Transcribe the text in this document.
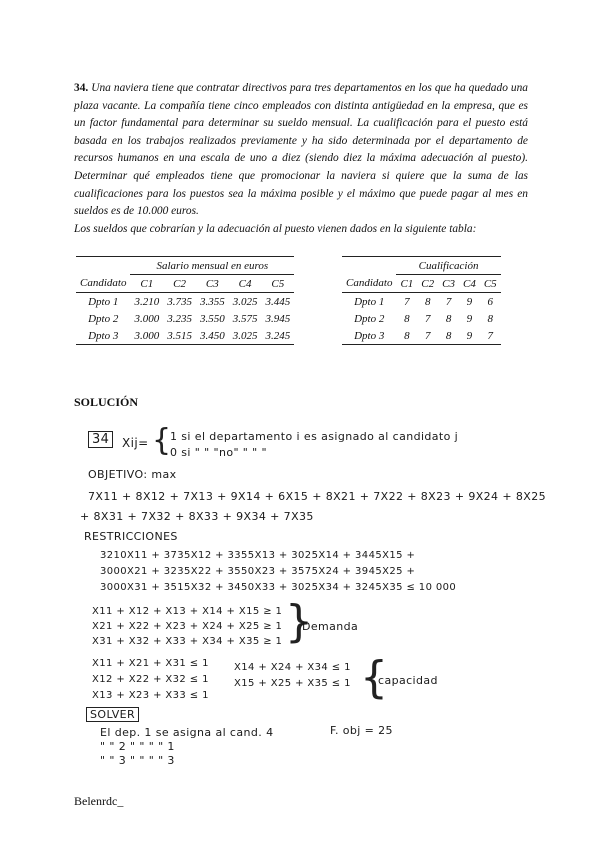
34. Una naviera tiene que contratar directivos para tres departamentos en los que ha quedado una plaza vacante. La compañía tiene cinco empleados con distinta antigüedad en la empresa, que es un factor fundamental para determinar su sueldo mensual. La cualificación para el puesto está basada en los trabajos realizados previamente y ha sido determinada por el departamento de recursos humanos en una escala de uno a diez (siendo diez la máxima adecuación al puesto). Determinar qué empleados tiene que promocionar la naviera si quiere que la suma de las cualificaciones para los puestos sea la máxima posible y el máximo que puede pagar al mes en sueldos es de 10.000 euros.
Los sueldos que cobrarían y la adecuación al puesto vienen dados en la siguiente tabla:
	Salario mensual en euros				
Candidato	C1	C2	C3	C4	C5
Dpto 1	3.210	3.735	3.355	3.025	3.445
Dpto 2	3.000	3.235	3.550	3.575	3.945
Dpto 3	3.000	3.515	3.450	3.025	3.245
	Cualificación				
Candidato	C1	C2	C3	C4	C5
Dpto 1	7	8	7	9	6
Dpto 2	8	7	8	9	8
Dpto 3	8	7	8	9	7
SOLUCIÓN
34	Xij= {
1 si el departamento i es asignado al candidato j
0 si " " "no" " " "
OBJETIVO: max
7X11 + 8X12 + 7X13 + 9X14 + 6X15 + 8X21 + 7X22 + 8X23 + 9X24 + 8X25
+ 8X31 + 7X32 + 8X33 + 9X34 + 7X35
RESTRICCIONES
3210X11 + 3735X12 + 3355X13 + 3025X14 + 3445X15 +
3000X21 + 3235X22 + 3550X23 + 3575X24 + 3945X25 +
3000X31 + 3515X32 + 3450X33 + 3025X34 + 3245X35 ≤ 10 000
X11 + X12 + X13 + X14 + X15 ≥ 1
X21 + X22 + X23 + X24 + X25 ≥ 1
X31 + X32 + X33 + X34 + X35 ≥ 1 }
Demanda
X11 + X21 + X31 ≤ 1
X12 + X22 + X32 ≤ 1
X13 + X23 + X33 ≤ 1
X14 + X24 + X34 ≤ 1
X15 + X25 + X35 ≤ 1 {
capacidad
SOLVER
El dep. 1 se asigna al cand. 4
" " 2 " " " " 1
" " 3 " " " " 3
F. obj = 25
Belenrdc_
